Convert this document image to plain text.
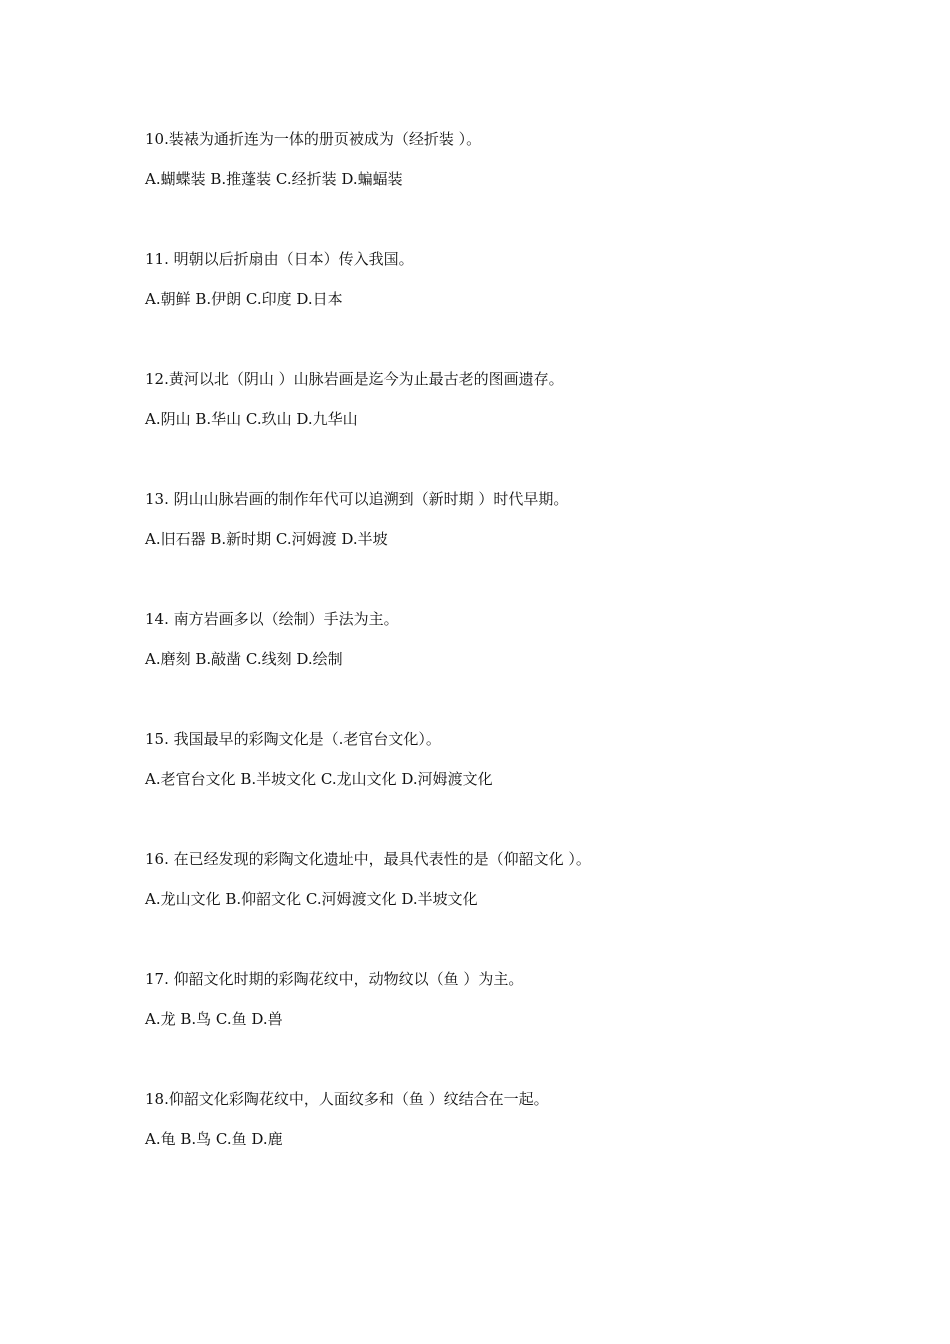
10.装裱为通折连为一体的册页被成为（经折装 ）。
A.蝴蝶装 B.推蓬装 C.经折装 D.蝙蝠装
11. 明朝以后折扇由（日本）传入我国。
A.朝鲜 B.伊朗 C.印度 D.日本
12.黄河以北（阴山 ）山脉岩画是迄今为止最古老的图画遗存。
A.阴山 B.华山 C.玖山 D.九华山
13. 阴山山脉岩画的制作年代可以追溯到（新时期 ）时代早期。
A.旧石器 B.新时期 C.河姆渡 D.半坡
14. 南方岩画多以（绘制）手法为主。
A.磨刻 B.敲凿 C.线刻 D.绘制
15. 我国最早的彩陶文化是（.老官台文化）。
A.老官台文化 B.半坡文化 C.龙山文化 D.河姆渡文化
16. 在已经发现的彩陶文化遗址中，最具代表性的是（仰韶文化 ）。
A.龙山文化 B.仰韶文化 C.河姆渡文化 D.半坡文化
17. 仰韶文化时期的彩陶花纹中，动物纹以（鱼 ）为主。
A.龙 B.鸟 C.鱼 D.兽
18.仰韶文化彩陶花纹中，人面纹多和（鱼 ）纹结合在一起。
A.龟 B.鸟 C.鱼 D.鹿
